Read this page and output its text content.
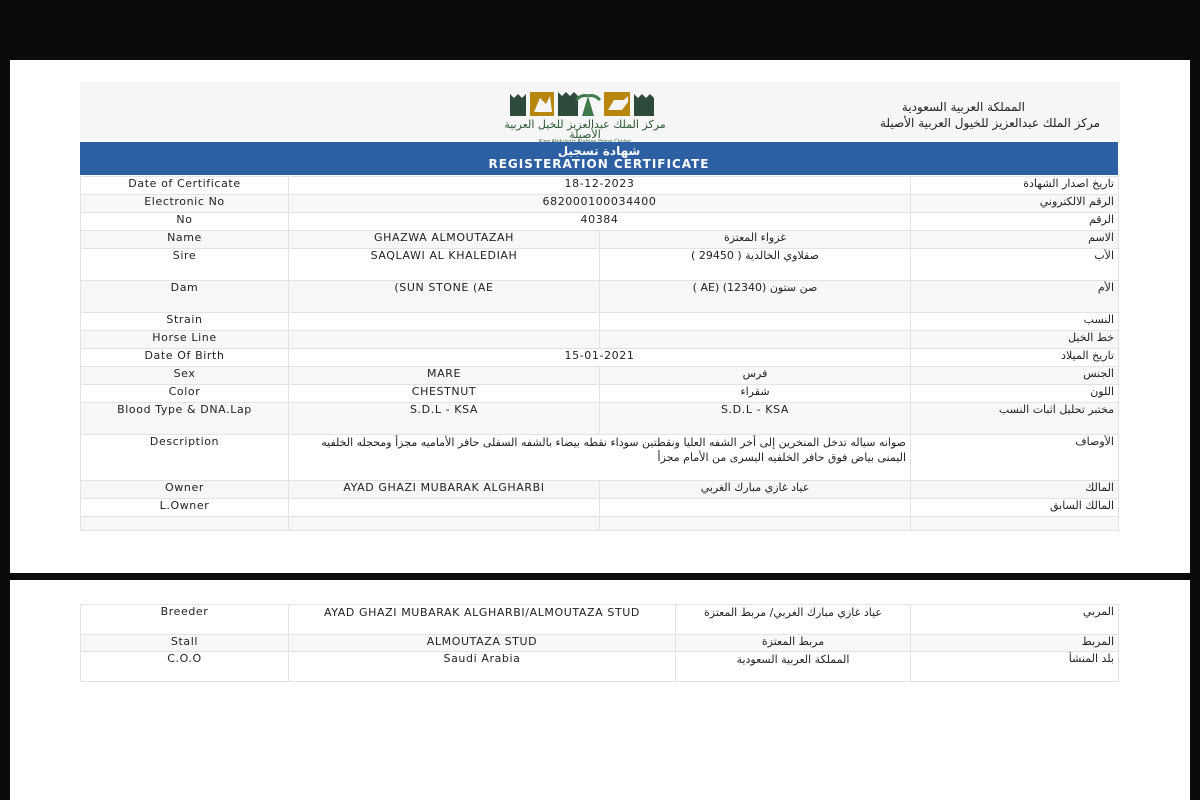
مركز الملك عبدالعزيز للخيل العربية الأصيلة
المملكة العربية السعودية
مركز الملك عبدالعزيز للخيول العربية الأصيلة
شهادة تسجيل
REGISTERATION CERTIFICATE
Date of Certificate	18-12-2023		تاريخ اصدار الشهادة
Electronic No	682000100034400		الرقم الالكتروني
No	40384		الرقم
Name	GHAZWA ALMOUTAZAH	غزواء المعتزة	الاسم
Sire	SAQLAWI AL KHALEDIAH	صقلاوي الخالدية ( 29450 )	الأب
Dam	(SUN STONE (AE	صن ستون (12340) (AE )	الأم
Strain			النسب
Horse Line			خط الخيل
Date Of Birth	15-01-2021		تاريخ الميلاد
Sex	MARE	فرس	الجنس
Color	CHESTNUT	شقراء	اللون
Blood Type & DNA.Lap	S.D.L - KSA	S.D.L - KSA	مختبر تحليل اثبات النسب
Description	صوانه سياله تدخل المنخرين إلى أخر الشفه العليا ونقطتين سوداء نقطه بيضاء بالشفه السفلى حافر الأماميه مجزأ ومحجله الخلفيه اليمنى بياض فوق حافر الخلفيه اليسرى من الأمام مجزأ		الأوصاف
Owner	AYAD GHAZI MUBARAK ALGHARBI	عياد غازي مبارك الغربي	المالك
L.Owner			المالك السابق

Breeder	AYAD GHAZI MUBARAK ALGHARBI/ALMOUTAZA STUD	عياد غازي مبارك الغربي/ مربط المعتزة	المربي
Stall	ALMOUTAZA STUD	مربط المعتزة	المربط
C.O.O	Saudi Arabia	المملكة العربية السعودية	بلد المنشأ
